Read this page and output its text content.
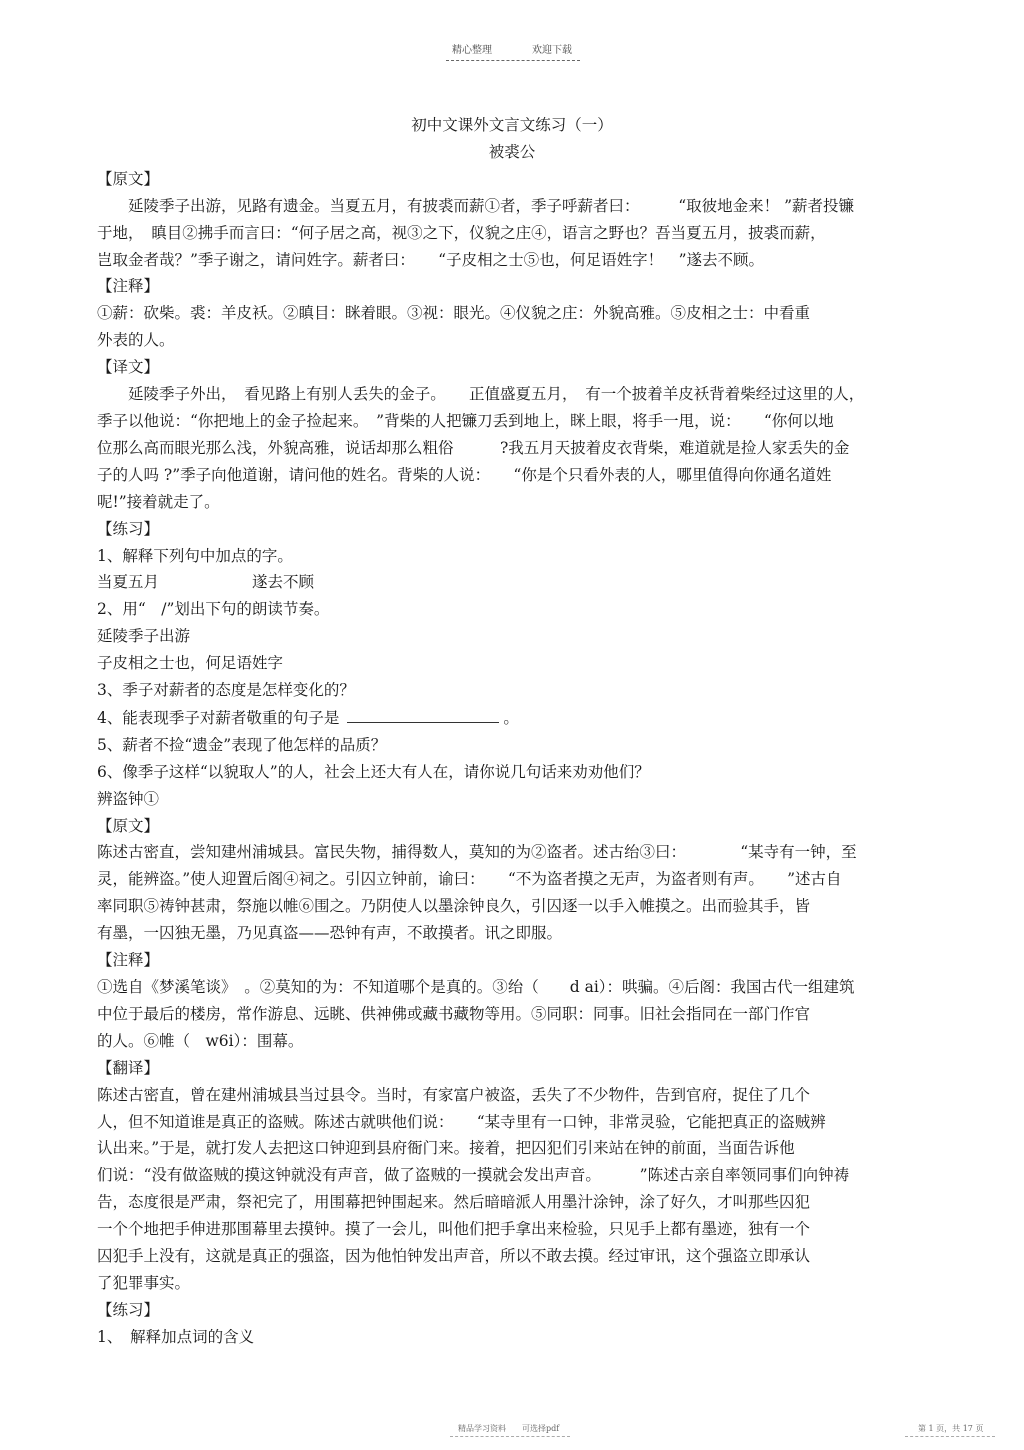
精心整理	欢迎下载

初中文课外文言文练习（一）

被裘公

【原文】

延陵季子出游，见路有遗金。当夏五月，有披裘而薪①者，季子呼薪者曰：　　　“取彼地金来！ ”薪者投镰

于地，　瞋目②拂手而言曰：“何子居之高，视③之下，仪貌之庄④，语言之野也？吾当夏五月，披裘而薪，

岂取金者哉？”季子谢之，请问姓字。薪者曰：　　“子皮相之士⑤也，何足语姓字！　”遂去不顾。

【注释】

①薪：砍柴。裘：羊皮袄。②瞋目：眯着眼。③视：眼光。④仪貌之庄：外貌高雅。⑤皮相之士：中看重

外表的人。

【译文】

延陵季子外出，　看见路上有别人丢失的金子。　　正值盛夏五月，　有一个披着羊皮袄背着柴经过这里的人，

季子以他说：“你把地上的金子捡起来。　”背柴的人把镰刀丢到地上，眯上眼，将手一甩，说：　　“你何以地

位那么高而眼光那么浅，外貌高雅，说话却那么粗俗　　　?我五月天披着皮衣背柴，难道就是捡人家丢失的金

子的人吗 ?”季子向他道谢，请问他的姓名。背柴的人说：　　“你是个只看外表的人，哪里值得向你通名道姓

呢!”接着就走了。

【练习】

1、解释下列句中加点的字。

当夏五月　　　　　　遂去不顾

2、用“　/”划出下句的朗读节奏。

延陵季子出游

子皮相之士也，何足语姓字

3、季子对薪者的态度是怎样变化的？

4、能表现季子对薪者敬重的句子是	。

5、薪者不捡“遗金”表现了他怎样的品质？

6、像季子这样“以貌取人”的人，社会上还大有人在，请你说几句话来劝劝他们？

辨盗钟①

【原文】

陈述古密直，尝知建州浦城县。富民失物，捕得数人，莫知的为②盗者。述古绐③曰：　　　　“某寺有一钟，至

灵，能辨盗。”使人迎置后阁④祠之。引囚立钟前，谕曰：　　“不为盗者摸之无声，为盗者则有声。　　”述古自

率同职⑤祷钟甚肃，祭施以帷⑥围之。乃阴使人以墨涂钟良久，引囚逐一以手入帷摸之。出而验其手，皆

有墨，一囚独无墨，乃见真盗——恐钟有声，不敢摸者。讯之即服。

【注释】

①选自《梦溪笔谈》　。②莫知的为：不知道哪个是真的。③绐（　　d ai）：哄骗。④后阁：我国古代一组建筑

中位于最后的楼房，常作游息、远眺、供神佛或藏书藏物等用。⑤同职：同事。旧社会指同在一部门作官

的人。⑥帷（　w6i）：围幕。

【翻译】

陈述古密直，曾在建州浦城县当过县令。当时，有家富户被盗，丢失了不少物件，告到官府，捉住了几个

人，但不知道谁是真正的盗贼。陈述古就哄他们说：　　“某寺里有一口钟，非常灵验，它能把真正的盗贼辨

认出来。”于是，就打发人去把这口钟迎到县府衙门来。接着，把囚犯们引来站在钟的前面，当面告诉他

们说：“没有做盗贼的摸这钟就没有声音，做了盗贼的一摸就会发出声音。　　　”陈述古亲自率领同事们向钟祷

告，态度很是严肃，祭祀完了，用围幕把钟围起来。然后暗暗派人用墨汁涂钟，涂了好久，才叫那些囚犯

一个个地把手伸进那围幕里去摸钟。摸了一会儿，叫他们把手拿出来检验，只见手上都有墨迹，独有一个

囚犯手上没有，这就是真正的强盗，因为他怕钟发出声音，所以不敢去摸。经过审讯，这个强盗立即承认

了犯罪事实。

【练习】

1、　解释加点词的含义

精品学习资料　　可选择pdf	第 1 页，共 17 页
